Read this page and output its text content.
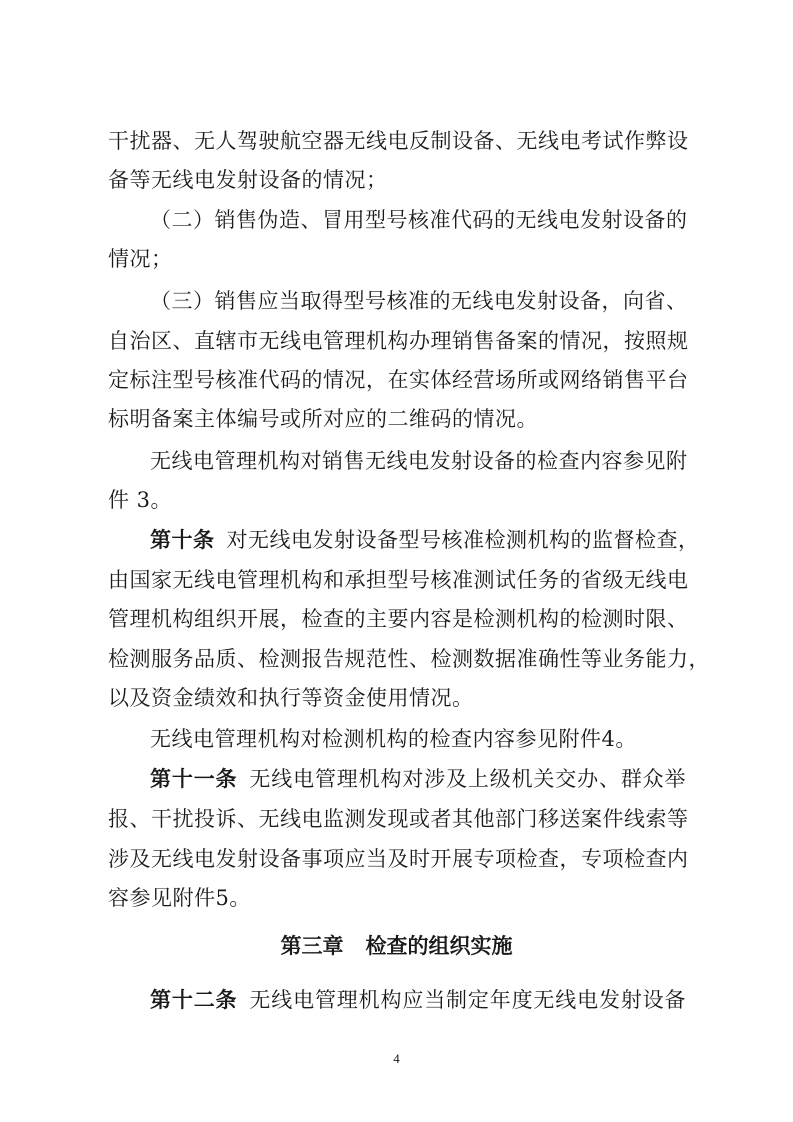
干扰器、无人驾驶航空器无线电反制设备、无线电考试作弊设
备等无线电发射设备的情况；
（二）销售伪造、冒用型号核准代码的无线电发射设备的
情况；
（三）销售应当取得型号核准的无线电发射设备，向省、
自治区、直辖市无线电管理机构办理销售备案的情况，按照规
定标注型号核准代码的情况，在实体经营场所或网络销售平台
标明备案主体编号或所对应的二维码的情况。
无线电管理机构对销售无线电发射设备的检查内容参见附
件 3。
第十条 对无线电发射设备型号核准检测机构的监督检查，
由国家无线电管理机构和承担型号核准测试任务的省级无线电
管理机构组织开展，检查的主要内容是检测机构的检测时限、
检测服务品质、检测报告规范性、检测数据准确性等业务能力，
以及资金绩效和执行等资金使用情况。
无线电管理机构对检测机构的检查内容参见附件4。
第十一条 无线电管理机构对涉及上级机关交办、群众举
报、干扰投诉、无线电监测发现或者其他部门移送案件线索等
涉及无线电发射设备事项应当及时开展专项检查，专项检查内
容参见附件5。
第三章   检查的组织实施
第十二条 无线电管理机构应当制定年度无线电发射设备
4
